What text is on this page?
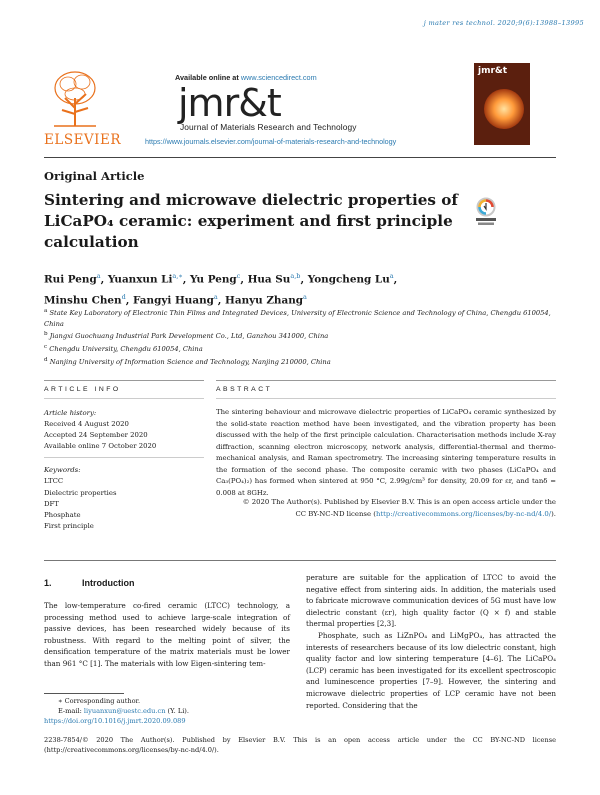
j mater res technol. 2020;9(6):13988–13995
ELSEVIER
Available online at www.sciencedirect.com
jmr&t
Journal of Materials Research and Technology
https://www.journals.elsevier.com/journal-of-materials-research-and-technology
jmr&t
Original Article
Sintering and microwave dielectric properties of
LiCaPO₄ ceramic: experiment and first principle
calculation
Rui Peng$^a$, Yuanxun $Li^{a,∗}$, Yu Peng$^c$, Hua Su$^{a,b}$, Yongcheng Lu$^a$,
Minshu Chen$^d$, Fangyi Huang$^a$, Hanyu Zhang$^a$
$^a$ State Key Laboratory of Electronic Thin Films and Integrated Devices, University of Electronic Science and Technology of China, Chengdu 610054, China
$^b$ Jiangxi Guochuang Industrial Park Development Co., Ltd, Ganzhou 341000, China
$^c$ Chengdu University, Chengdu 610054, China
$^d$ Nanjing University of Information Science and Technology, Nanjing 210000, China
ARTICLE INFO	ABSTRACT
Article history:
Received 4 August 2020
Accepted 24 September 2020
Available online 7 October 2020
Keywords:
LTCC
Dielectric properties
DFT
Phosphate
First principle
The sintering behaviour and microwave dielectric properties of LiCaPO₄ ceramic synthesized by the solid-state reaction method have been investigated, and the vibration property has been discussed with the help of the first principle calculation. Characterisation methods include X-ray diffraction, scanning electron microscopy, network analysis, differential-thermal and thermo-mechanical analysis, and Raman spectrometry. The increasing sintering temperature results in the formation of the second phase. The composite ceramic with two phases (LiCaPO₄ and Ca₃(PO₄)₂) has formed when sintered at 950 °C, 2.99g/cm³ for density, 20.09 for εr, and tanδ = 0.008 at 8GHz.
© 2020 The Author(s). Published by Elsevier B.V. This is an open access article under the
CC BY-NC-ND license (http://creativecommons.org/licenses/by-nc-nd/4.0/).
1.	Introduction
The low-temperature co-fired ceramic (LTCC) technology, a processing method used to achieve large-scale integration of passive devices, has been researched widely because of its robustness. With regard to the melting point of silver, the densification temperature of the matrix materials must be lower than 961 °C [1]. The materials with low Eigen-sintering tem-

perature are suitable for the application of LTCC to avoid the negative effect from sintering aids. In addition, the materials used to fabricate microwave communication devices of 5G must have low dielectric constant (εr), high quality factor (Q × f) and stable thermal properties [2,3].

Phosphate, such as LiZnPO₄ and LiMgPO₄, has attracted the interests of researchers because of its low dielectric constant, high quality factor and low sintering temperature [4–6]. The LiCaPO₄ (LCP) ceramic has been investigated for its excellent spectroscopic and luminescence properties [7–9]. However, the sintering and microwave dielectric properties of LCP ceramic have not been reported. Considering that the

∗ Corresponding author.
E-mail: liyuanxun@uestc.edu.cn (Y. Li).
https://doi.org/10.1016/j.jmrt.2020.09.089
2238-7854/© 2020 The Author(s). Published by Elsevier B.V. This is an open access article under the CC BY-NC-ND license (http://creativecommons.org/licenses/by-nc-nd/4.0/).
